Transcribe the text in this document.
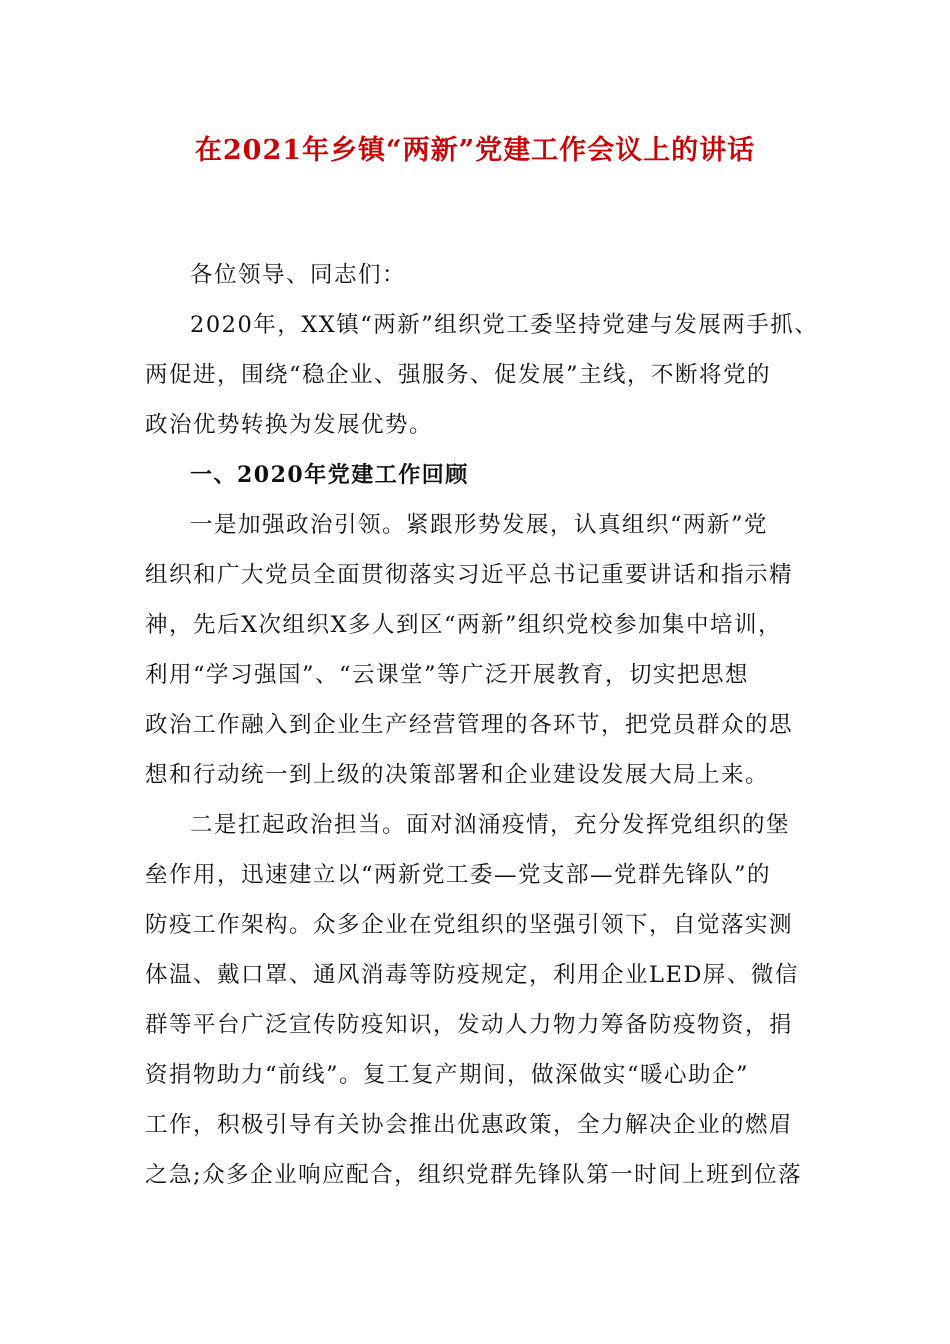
在2021年乡镇“两新”党建工作会议上的讲话
各位领导、同志们：
2020年，XX镇“两新”组织党工委坚持党建与发展两手抓、
两促进，围绕“稳企业、强服务、促发展”主线，不断将党的
政治优势转换为发展优势。
一、2020年党建工作回顾
一是加强政治引领。紧跟形势发展，认真组织“两新”党
组织和广大党员全面贯彻落实习近平总书记重要讲话和指示精
神，先后X次组织X多人到区“两新”组织党校参加集中培训，
利用“学习强国”、“云课堂”等广泛开展教育，切实把思想
政治工作融入到企业生产经营管理的各环节，把党员群众的思
想和行动统一到上级的决策部署和企业建设发展大局上来。
二是扛起政治担当。面对汹涌疫情，充分发挥党组织的堡
垒作用，迅速建立以“两新党工委—党支部—党群先锋队”的
防疫工作架构。众多企业在党组织的坚强引领下，自觉落实测
体温、戴口罩、通风消毒等防疫规定，利用企业LED屏、微信
群等平台广泛宣传防疫知识，发动人力物力筹备防疫物资，捐
资捐物助力“前线”。复工复产期间，做深做实“暖心助企”
工作，积极引导有关协会推出优惠政策，全力解决企业的燃眉
之急;众多企业响应配合，组织党群先锋队第一时间上班到位落
